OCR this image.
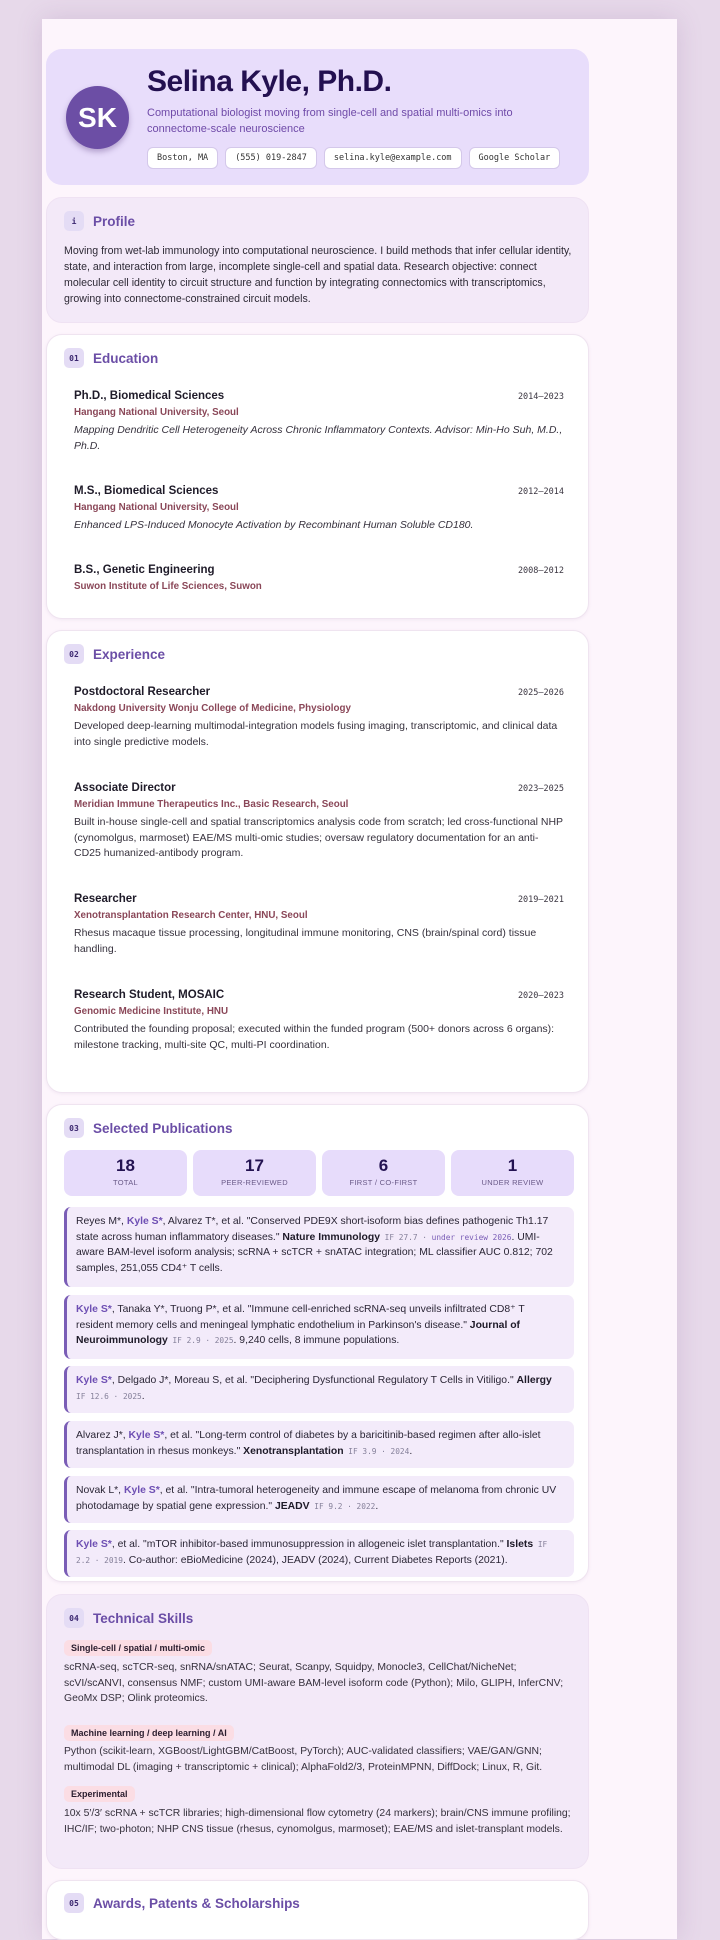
SK
Selina Kyle, Ph.D.
Computational biologist moving from single-cell and spatial multi-omics into connectome-scale neuroscience
Boston, MA	(555) 019-2847	selina.kyle@example.com	Google Scholar
i	Profile
Moving from wet-lab immunology into computational neuroscience. I build methods that infer cellular identity, state, and interaction from large, incomplete single-cell and spatial data. Research objective: connect molecular cell identity to circuit structure and function by integrating connectomics with transcriptomics, growing into connectome-constrained circuit models.
01	Education
Ph.D., Biomedical Sciences	2014–2023
Hangang National University, Seoul
Mapping Dendritic Cell Heterogeneity Across Chronic Inflammatory Contexts. Advisor: Min-Ho Suh, M.D., Ph.D.
M.S., Biomedical Sciences	2012–2014
Hangang National University, Seoul
Enhanced LPS-Induced Monocyte Activation by Recombinant Human Soluble CD180.
B.S., Genetic Engineering	2008–2012
Suwon Institute of Life Sciences, Suwon
02	Experience
Postdoctoral Researcher	2025–2026
Nakdong University Wonju College of Medicine, Physiology
Developed deep-learning multimodal-integration models fusing imaging, transcriptomic, and clinical data into single predictive models.
Associate Director	2023–2025
Meridian Immune Therapeutics Inc., Basic Research, Seoul
Built in-house single-cell and spatial transcriptomics analysis code from scratch; led cross-functional NHP (cynomolgus, marmoset) EAE/MS multi-omic studies; oversaw regulatory documentation for an anti-CD25 humanized-antibody program.
Researcher	2019–2021
Xenotransplantation Research Center, HNU, Seoul
Rhesus macaque tissue processing, longitudinal immune monitoring, CNS (brain/spinal cord) tissue handling.
Research Student, MOSAIC	2020–2023
Genomic Medicine Institute, HNU
Contributed the founding proposal; executed within the funded program (500+ donors across 6 organs): milestone tracking, multi-site QC, multi-PI coordination.
03	Selected Publications
18
TOTAL
17
PEER-REVIEWED
6
FIRST / CO-FIRST
1
UNDER REVIEW
Reyes M*, Kyle S*, Alvarez T*, et al. "Conserved PDE9X short-isoform bias defines pathogenic Th1.17 state across human inflammatory diseases." Nature Immunology IF 27.7 · under review 2026. UMI-aware BAM-level isoform analysis; scRNA + scTCR + snATAC integration; ML classifier AUC 0.812; 702 samples, 251,055 CD4⁺ T cells.
Kyle S*, Tanaka Y*, Truong P*, et al. "Immune cell-enriched scRNA-seq unveils infiltrated CD8⁺ T resident memory cells and meningeal lymphatic endothelium in Parkinson's disease." Journal of Neuroimmunology IF 2.9 · 2025. 9,240 cells, 8 immune populations.
Kyle S*, Delgado J*, Moreau S, et al. "Deciphering Dysfunctional Regulatory T Cells in Vitiligo." Allergy IF 12.6 · 2025.
Alvarez J*, Kyle S*, et al. "Long-term control of diabetes by a baricitinib-based regimen after allo-islet transplantation in rhesus monkeys." Xenotransplantation IF 3.9 · 2024.
Novak L*, Kyle S*, et al. "Intra-tumoral heterogeneity and immune escape of melanoma from chronic UV photodamage by spatial gene expression." JEADV IF 9.2 · 2022.
Kyle S*, et al. "mTOR inhibitor-based immunosuppression in allogeneic islet transplantation." Islets IF 2.2 · 2019. Co-author: eBioMedicine (2024), JEADV (2024), Current Diabetes Reports (2021).
04	Technical Skills
Single-cell / spatial / multi-omic
scRNA-seq, scTCR-seq, snRNA/snATAC; Seurat, Scanpy, Squidpy, Monocle3, CellChat/NicheNet; scVI/scANVI, consensus NMF; custom UMI-aware BAM-level isoform code (Python); Milo, GLIPH, InferCNV; GeoMx DSP; Olink proteomics.
Machine learning / deep learning / AI
Python (scikit-learn, XGBoost/LightGBM/CatBoost, PyTorch); AUC-validated classifiers; VAE/GAN/GNN; multimodal DL (imaging + transcriptomic + clinical); AlphaFold2/3, ProteinMPNN, DiffDock; Linux, R, Git.
Experimental
10x 5′/3′ scRNA + scTCR libraries; high-dimensional flow cytometry (24 markers); brain/CNS immune profiling; IHC/IF; two-photon; NHP CNS tissue (rhesus, cynomolgus, marmoset); EAE/MS and islet-transplant models.
05	Awards, Patents & Scholarships
